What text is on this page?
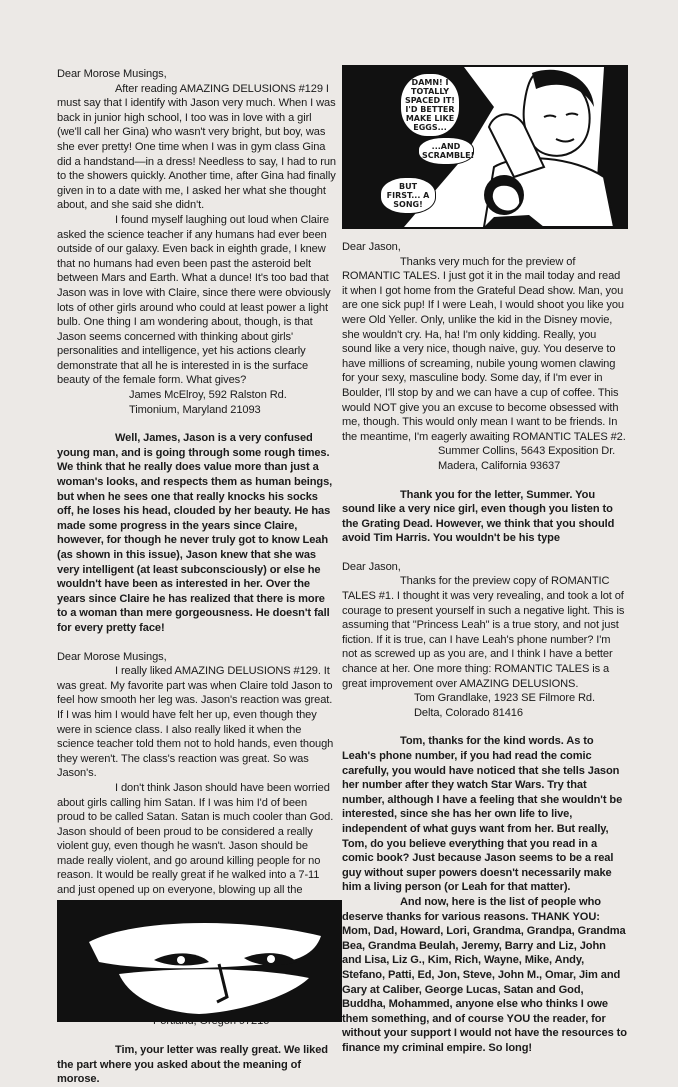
Dear Morose Musings,

After reading AMAZING DELUSIONS #129 I must say that I identify with Jason very much. When I was back in junior high school, I too was in love with a girl (we'll call her Gina) who wasn't very bright, but boy, was she ever pretty! One time when I was in gym class Gina did a handstand—in a dress! Needless to say, I had to run to the showers quickly. Another time, after Gina had finally given in to a date with me, I asked her what she thought about, and she said she didn't.

I found myself laughing out loud when Claire asked the science teacher if any humans had ever been outside of our galaxy. Even back in eighth grade, I knew that no humans had even been past the asteroid belt between Mars and Earth. What a dunce! It's too bad that Jason was in love with Claire, since there were obviously lots of other girls around who could at least power a light bulb. One thing I am wondering about, though, is that Jason seems concerned with thinking about girls' personalities and intelligence, yet his actions clearly demonstrate that all he is interested in is the surface beauty of the female form. What gives?

James McElroy, 592 Ralston Rd.

Timonium, Maryland 21093

Well, James, Jason is a very confused young man, and is going through some rough times. We think that he really does value more than just a woman's looks, and respects them as human beings, but when he sees one that really knocks his socks off, he loses his head, clouded by her beauty. He has made some progress in the years since Claire, however, for though he never truly got to know Leah (as shown in this issue), Jason knew that she was very intelligent (at least subconsciously) or else he wouldn't have been as interested in her. Over the years since Claire he has realized that there is more to a woman than mere gorgeousness. He doesn't fall for every pretty face!

Dear Morose Musings,

I really liked AMAZING DELUSIONS #129. It was great. My favorite part was when Claire told Jason to feel how smooth her leg was. Jason's reaction was great. If I was him I would have felt her up, even though they were in science class. I also really liked it when the science teacher told them not to hold hands, even though they weren't. The class's reaction was great. So was Jason's.

I don't think Jason should have been worried about girls calling him Satan. If I was him I'd of been proud to be called Satan. Satan is much cooler than God. Jason should of been proud to be considered a really violent guy, even though he wasn't. Jason should be made really violent, and go around killing people for no reason. It would be really great if he walked into a 7-11 and just opened up on everyone, blowing up all the

Tim, your letter was really great. We liked the part where you asked about the meaning of morose.

DAMN! I TOTALLY SPACED IT! I'D BETTER MAKE LIKE EGGS...
...AND SCRAMBLE!
BUT FIRST... A SONG!

Dear Jason,

Thanks very much for the preview of ROMANTIC TALES. I just got it in the mail today and read it when I got home from the Grateful Dead show. Man, you are one sick pup! If I were Leah, I would shoot you like you were Old Yeller. Only, unlike the kid in the Disney movie, she wouldn't cry. Ha, ha! I'm only kidding. Really, you sound like a very nice, though naive, guy. You deserve to have millions of screaming, nubile young women clawing for your sexy, masculine body. Some day, if I'm ever in Boulder, I'll stop by and we can have a cup of coffee. This would NOT give you an excuse to become obsessed with me, though. This would only mean I want to be friends. In the meantime, I'm eagerly awaiting ROMANTIC TALES #2.

Summer Collins, 5643 Exposition Dr.

Madera, California 93637

Thank you for the letter, Summer. You sound like a very nice girl, even though you listen to the Grating Dead. However, we think that you should avoid Tim Harris. You wouldn't be his type

Dear Jason,

Thanks for the preview copy of ROMANTIC TALES #1. I thought it was very revealing, and took a lot of courage to present yourself in such a negative light. This is assuming that "Princess Leah" is a true story, and not just fiction. If it is true, can I have Leah's phone number? I'm not as screwed up as you are, and I think I have a better chance at her. One more thing: ROMANTIC TALES is a great improvement over AMAZING DELUSIONS.

Tom Grandlake, 1923 SE Filmore Rd.

Delta, Colorado 81416

Tom, thanks for the kind words. As to Leah's phone number, if you had read the comic carefully, you would have noticed that she tells Jason her number after they watch Star Wars. Try that number, although I have a feeling that she wouldn't be interested, since she has her own life to live, independent of what guys want from her. But really, Tom, do you believe everything that you read in a comic book? Just because Jason seems to be a real guy without super powers doesn't necessarily make him a living person (or Leah for that matter).

And now, here is the list of people who deserve thanks for various reasons. THANK YOU: Mom, Dad, Howard, Lori, Grandma, Grandpa, Grandma Bea, Grandma Beulah, Jeremy, Barry and Liz, John and Lisa, Liz G., Kim, Rich, Wayne, Mike, Andy, Stefano, Patti, Ed, Jon, Steve, John M., Omar, Jim and Gary at Caliber, George Lucas, Satan and God, Buddha, Mohammed, anyone else who thinks I owe them something, and of course YOU the reader, for without your support I would not have the resources to finance my criminal empire. So long!
